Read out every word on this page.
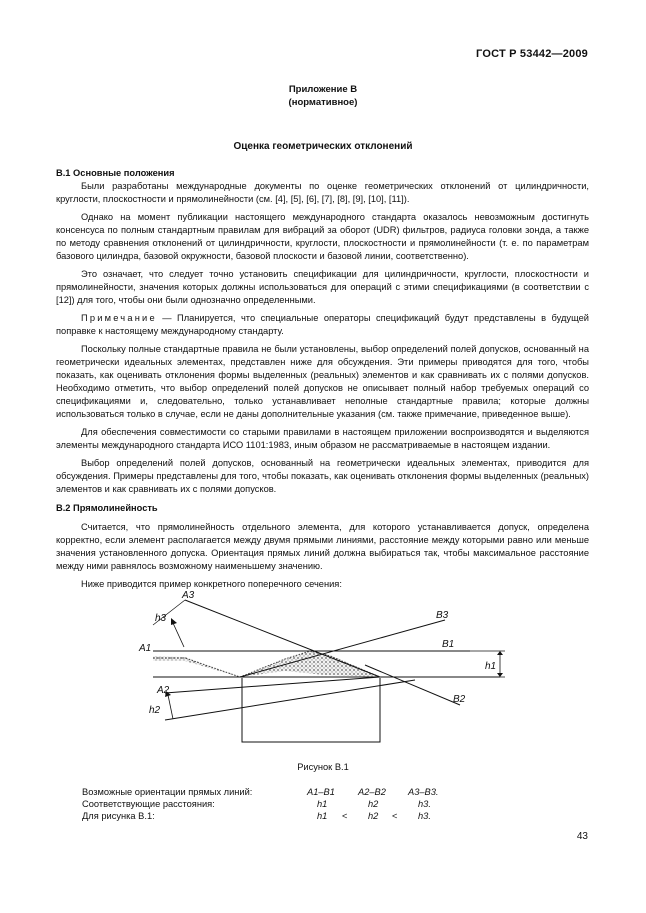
ГОСТ Р 53442—2009
Приложение В
(нормативное)
Оценка геометрических отклонений
В.1 Основные положения

Были разработаны международные документы по оценке геометрических отклонений от цилиндричности, круглости, плоскостности и прямолинейности (см. [4], [5], [6], [7], [8], [9], [10], [11]).

Однако на момент публикации настоящего международного стандарта оказалось невозможным достигнуть консенсуса по полным стандартным правилам для вибраций за оборот (UDR) фильтров, радиуса головки зонда, а также по методу сравнения отклонений от цилиндричности, круглости, плоскостности и прямолинейности (т. е. по параметрам базового цилиндра, базовой окружности, базовой плоскости и базовой линии, соответственно).

Это означает, что следует точно установить спецификации для цилиндричности, круглости, плоскостности и прямолинейности, значения которых должны использоваться для операций с этими спецификациями (в соответствии с [12]) для того, чтобы они были однозначно определенными.

Примечание — Планируется, что специальные операторы спецификаций будут представлены в будущей поправке к настоящему международному стандарту.

Поскольку полные стандартные правила не были установлены, выбор определений полей допусков, основанный на геометрически идеальных элементах, представлен ниже для обсуждения. Эти примеры приводятся для того, чтобы показать, как оценивать отклонения формы выделенных (реальных) элементов и как сравнивать их с полями допусков. Необходимо отметить, что выбор определений полей допусков не описывает полный набор требуемых операций со спецификациями и, следовательно, только устанавливает неполные стандартные правила; которые должны использоваться только в случае, если не даны дополнительные указания (см. также примечание, приведенное выше).

Для обеспечения совместимости со старыми правилами в настоящем приложении воспроизводятся и выделяются элементы международного стандарта ИСО 1101:1983, иным образом не рассматриваемые в настоящем издании.

Выбор определений полей допусков, основанный на геометрически идеальных элементах, приводится для обсуждения. Примеры представлены для того, чтобы показать, как оценивать отклонения формы выделенных (реальных) элементов и как сравнивать их с полями допусков.

В.2 Прямолинейность

Считается, что прямолинейность отдельного элемента, для которого устанавливается допуск, определена корректно, если элемент располагается между двумя прямыми линиями, расстояние между которыми равно или меньше значения установленного допуска. Ориентация прямых линий должна выбираться так, чтобы максимальное расстояние между ними равнялось возможному наименьшему значению.

Ниже приводится пример конкретного поперечного сечения:

A3
h3
A1
A2
h2
B3
B1
h1
B2
Рисунок В.1
Возможные ориентации прямых линий:	A1–B1 A2–B2 A3–B3.
Соответствующие расстояния:	h1	h2	h3.
Для рисунка В.1:	h1 < h2 < h3.
43
